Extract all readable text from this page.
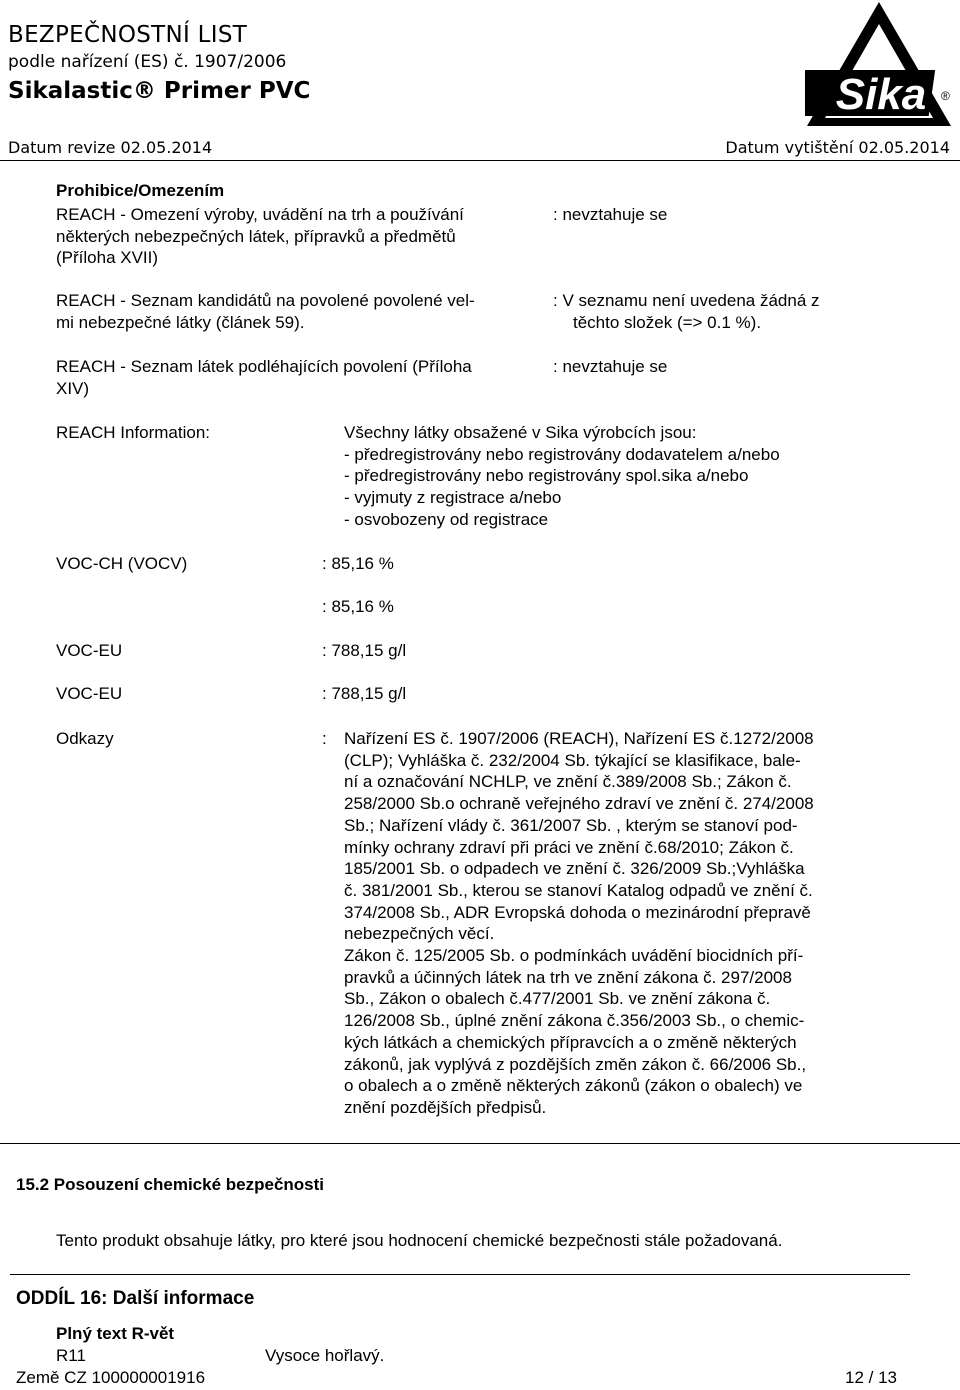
BEZPEČNOSTNÍ LIST
podle nařízení (ES) č. 1907/2006
Sikalastic® Primer PVC
Datum revize 02.05.2014	Datum vytištění 02.05.2014
Sika ®
Prohibice/Omezením
REACH - Omezení výroby, uvádění na trh a používání
některých nebezpečných látek, přípravků a předmětů
(Příloha XVII)
: nevztahuje se
REACH - Seznam kandidátů na povolené povolené vel-
mi nebezpečné látky (článek 59).
: V seznamu není uvedena žádná z
těchto složek (=> 0.1 %).
REACH - Seznam látek podléhajících povolení (Příloha
XIV)
: nevztahuje se
REACH Information:	Všechny látky obsažené v Sika výrobcích jsou:
- předregistrovány nebo registrovány dodavatelem a/nebo
- předregistrovány nebo registrovány spol.sika a/nebo
- vyjmuty z registrace a/nebo
- osvobozeny od registrace
VOC-CH (VOCV)	: 85,16 %
: 85,16 %
VOC-EU	: 788,15 g/l
VOC-EU	: 788,15 g/l
Odkazy	: Nařízení ES č. 1907/2006 (REACH), Nařízení ES č.1272/2008
(CLP); Vyhláška č. 232/2004 Sb. týkající se klasifikace, bale-
ní a označování NCHLP, ve znění č.389/2008 Sb.; Zákon č.
258/2000 Sb.o ochraně veřejného zdraví ve znění č. 274/2008
Sb.; Nařízení vlády č. 361/2007 Sb. , kterým se stanoví pod-
mínky ochrany zdraví při práci ve znění č.68/2010; Zákon č.
185/2001 Sb. o odpadech ve znění č. 326/2009 Sb.;Vyhláška
č. 381/2001 Sb., kterou se stanoví Katalog odpadů ve znění č.
374/2008 Sb., ADR Evropská dohoda o mezinárodní přepravě
nebezpečných věcí.
Zákon č. 125/2005 Sb. o podmínkách uvádění biocidních pří-
pravků a účinných látek na trh ve znění zákona č. 297/2008
Sb., Zákon o obalech č.477/2001 Sb. ve znění zákona č.
126/2008 Sb., úplné znění zákona č.356/2003 Sb., o chemic-
kých látkách a chemických přípravcích a o změně některých
zákonů, jak vyplývá z pozdějších změn zákon č. 66/2006 Sb.,
o obalech a o změně některých zákonů (zákon o obalech) ve
znění pozdějších předpisů.
15.2 Posouzení chemické bezpečnosti
Tento produkt obsahuje látky, pro které jsou hodnocení chemické bezpečnosti stále požadovaná.
ODDÍL 16: Další informace
Plný text R-vět
R11	Vysoce hořlavý.
Země CZ 100000001916	12 / 13
